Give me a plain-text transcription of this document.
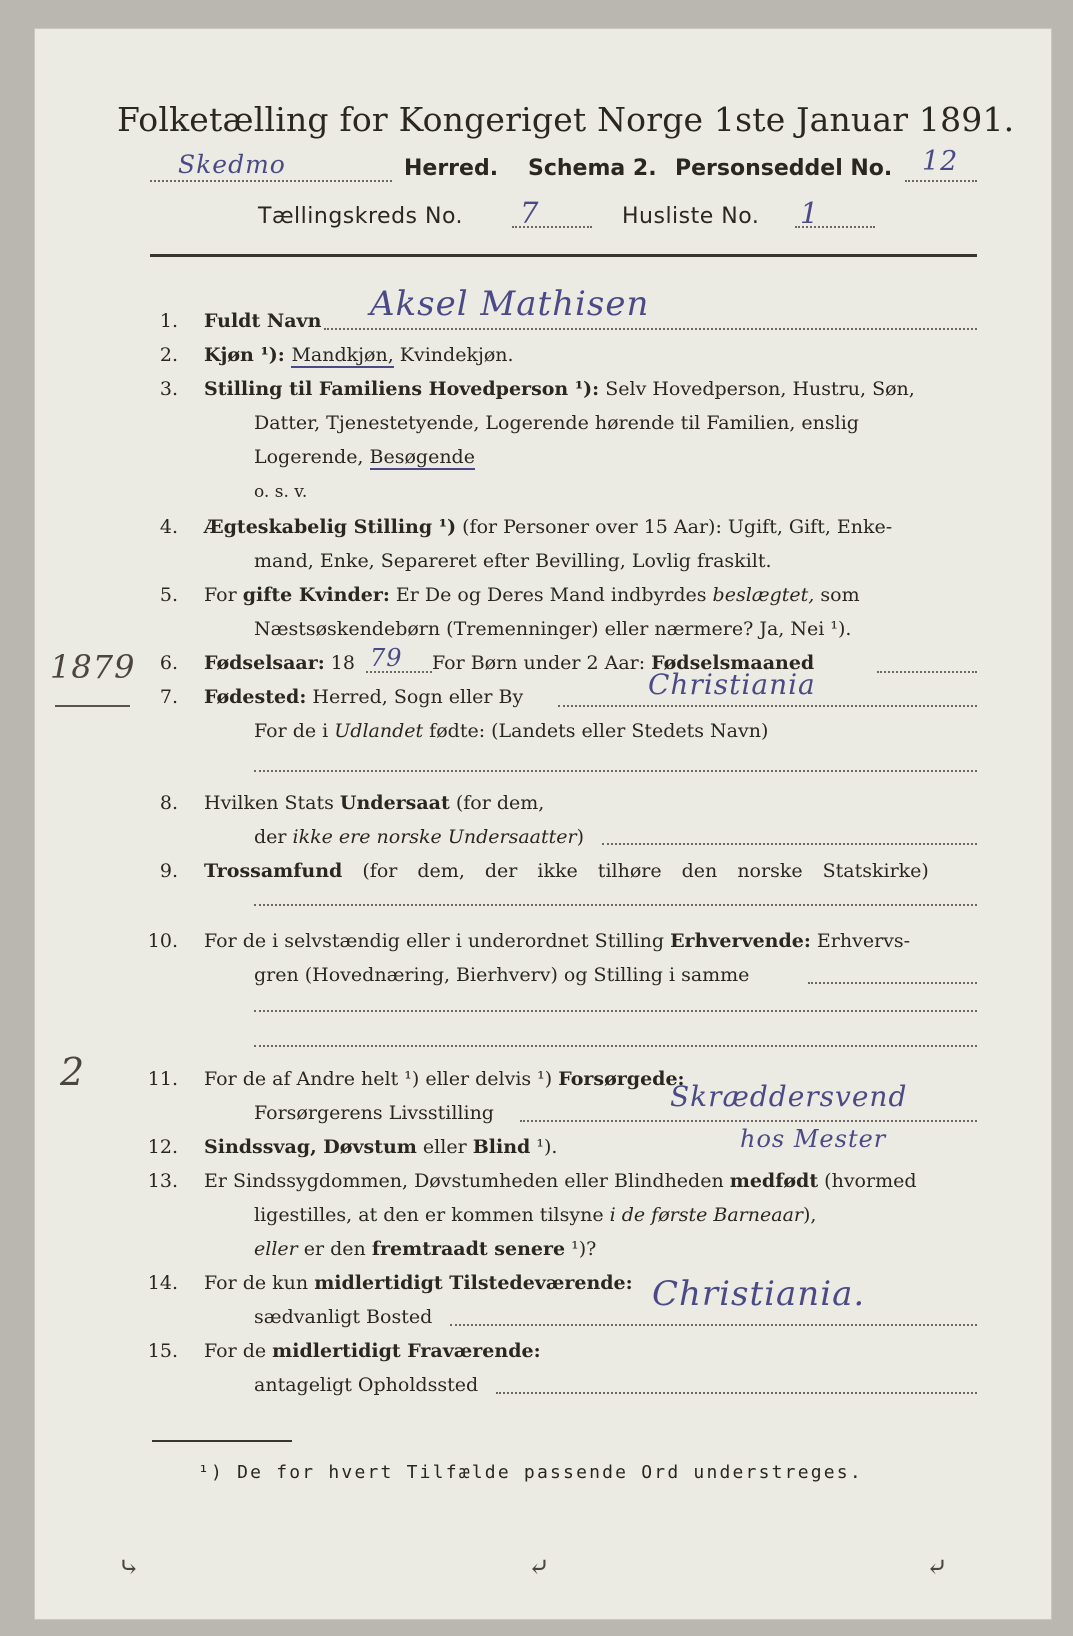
Folketælling for Kongeriget Norge 1ste Januar 1891.
Skedmo	Herred. Schema 2. Personseddel No. 12
Tællingskreds No. 7	Husliste No. 1
1. Fuldt Navn Aksel Mathisen
2. Kjøn ¹): Mandkjøn, Kvindekjøn.
3. Stilling til Familiens Hovedperson ¹): Selv Hovedperson, Hustru, Søn,
Datter, Tjenestetyende, Logerende hørende til Familien, enslig
Logerende, Besøgende
o. s. v.
4. Ægteskabelig Stilling ¹) (for Personer over 15 Aar): Ugift, Gift, Enke-
mand, Enke, Separeret efter Bevilling, Lovlig fraskilt.
5. For gifte Kvinder: Er De og Deres Mand indbyrdes beslægtet, som
Næstsøskendebørn (Tremenninger) eller nærmere? Ja, Nei ¹).
1879	6. Fødselsaar: 18 79 For Børn under 2 Aar: Fødselsmaaned
7. Fødested: Herred, Sogn eller By	Christiania
For de i Udlandet fødte: (Landets eller Stedets Navn)
8. Hvilken Stats Undersaat (for dem,
der ikke ere norske Undersaatter)
9. Trossamfund (for dem, der ikke tilhøre den norske Statskirke)
10. For de i selvstændig eller i underordnet Stilling Erhvervende: Erhvervs-
gren (Hovednæring, Bierhverv) og Stilling i samme
2	11. For de af Andre helt ¹) eller delvis ¹) Forsørgede:
Forsørgerens Livsstilling	Skræddersvend
hos Mester
12. Sindssvag, Døvstum eller Blind ¹).
13. Er Sindssygdommen, Døvstumheden eller Blindheden medfødt (hvormed
ligestilles, at den er kommen tilsyne i de første Barneaar),
eller er den fremtraadt senere ¹)?
14. For de kun midlertidigt Tilstedeværende:
sædvanligt Bosted
Christiania.
15. For de midlertidigt Fraværende:
antageligt Opholdssted
¹) De for hvert Tilfælde passende Ord understreges.
⤷	⤶	⤶
